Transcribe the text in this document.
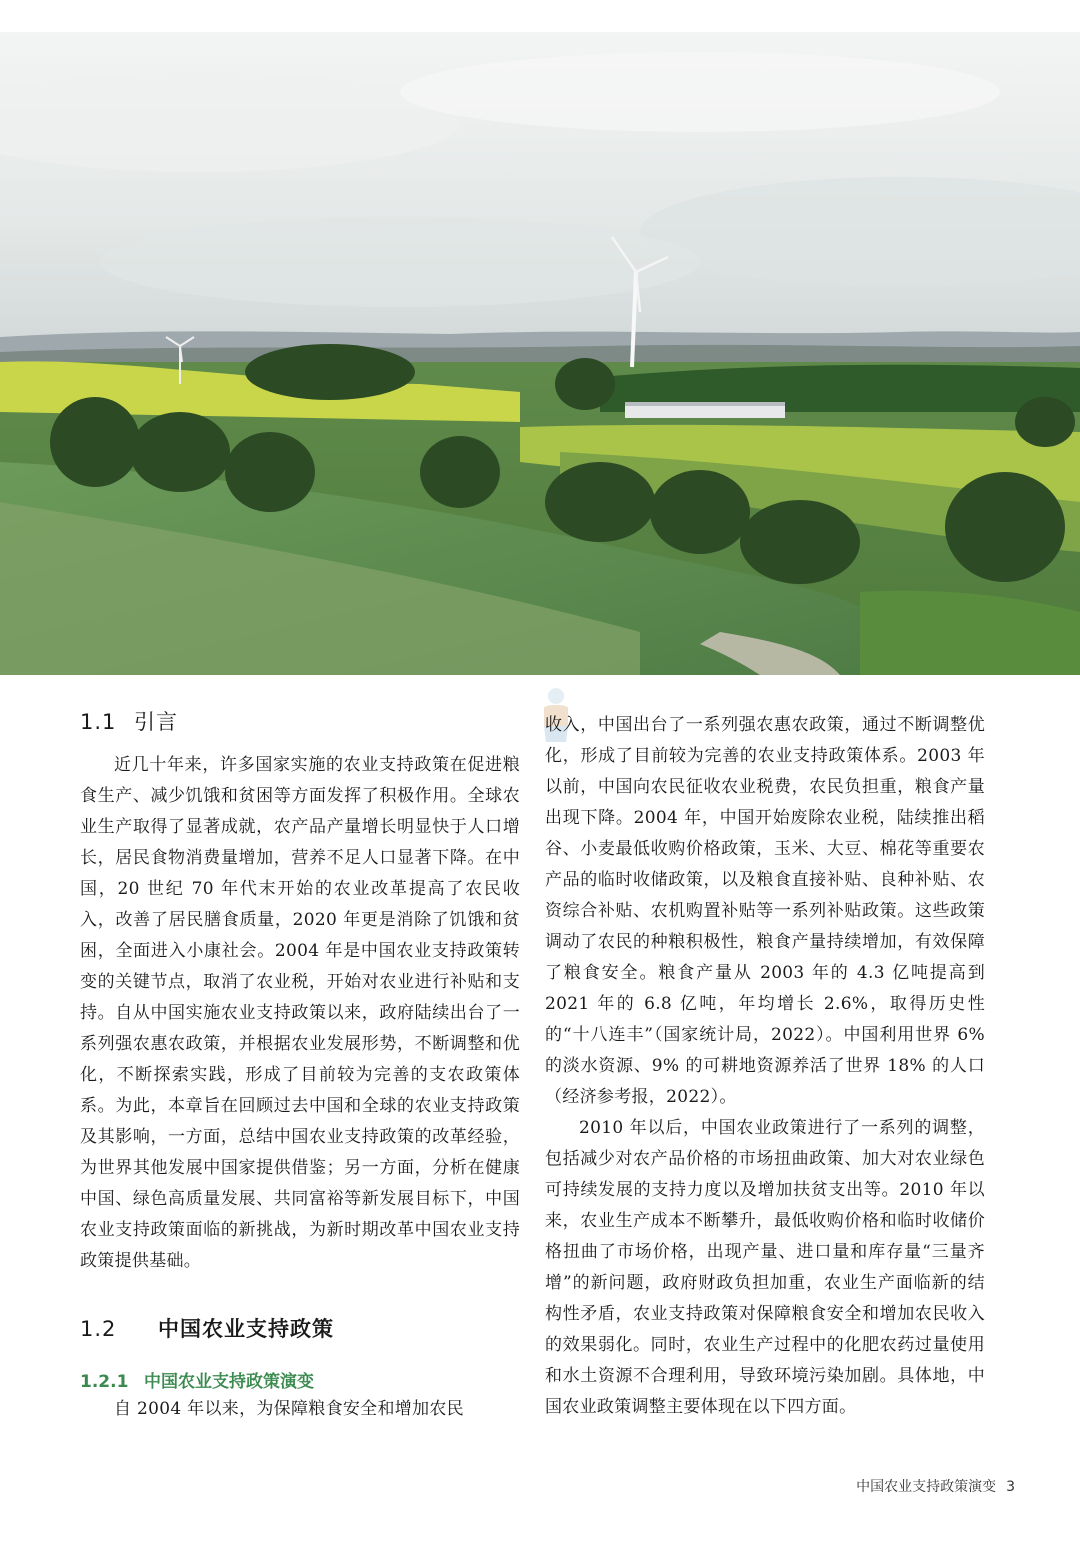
1.1 引言

近几十年来，许多国家实施的农业支持政策在促进粮食生产、减少饥饿和贫困等方面发挥了积极作用。全球农业生产取得了显著成就，农产品产量增长明显快于人口增长，居民食物消费量增加，营养不足人口显著下降。在中国，20 世纪 70 年代末开始的农业改革提高了农民收入，改善了居民膳食质量，2020 年更是消除了饥饿和贫困，全面进入小康社会。2004 年是中国农业支持政策转变的关键节点，取消了农业税，开始对农业进行补贴和支持。自从中国实施农业支持政策以来，政府陆续出台了一系列强农惠农政策，并根据农业发展形势，不断调整和优化，不断探索实践，形成了目前较为完善的支农政策体系。为此，本章旨在回顾过去中国和全球的农业支持政策及其影响，一方面，总结中国农业支持政策的改革经验，为世界其他发展中国家提供借鉴；另一方面，分析在健康中国、绿色高质量发展、共同富裕等新发展目标下，中国农业支持政策面临的新挑战，为新时期改革中国农业支持政策提供基础。

1.2 中国农业支持政策
1.2.1 中国农业支持政策演变

自 2004 年以来，为保障粮食安全和增加农民

收入，中国出台了一系列强农惠农政策，通过不断调整优化，形成了目前较为完善的农业支持政策体系。2003 年以前，中国向农民征收农业税费，农民负担重，粮食产量出现下降。2004 年，中国开始废除农业税，陆续推出稻谷、小麦最低收购价格政策，玉米、大豆、棉花等重要农产品的临时收储政策，以及粮食直接补贴、良种补贴、农资综合补贴、农机购置补贴等一系列补贴政策。这些政策调动了农民的种粮积极性，粮食产量持续增加，有效保障了粮食安全。粮食产量从 2003 年的 4.3 亿吨提高到 2021 年的 6.8 亿吨，年均增长 2.6%，取得历史性的“十八连丰”（国家统计局，2022）。中国利用世界 6% 的淡水资源、9% 的可耕地资源养活了世界 18% 的人口（经济参考报，2022）。

2010 年以后，中国农业政策进行了一系列的调整，包括减少对农产品价格的市场扭曲政策、加大对农业绿色可持续发展的支持力度以及增加扶贫支出等。2010 年以来，农业生产成本不断攀升，最低收购价格和临时收储价格扭曲了市场价格，出现产量、进口量和库存量“三量齐增”的新问题，政府财政负担加重，农业生产面临新的结构性矛盾，农业支持政策对保障粮食安全和增加农民收入的效果弱化。同时，农业生产过程中的化肥农药过量使用和水土资源不合理利用，导致环境污染加剧。具体地，中国农业政策调整主要体现在以下四方面。

中国农业支持政策演变 3
